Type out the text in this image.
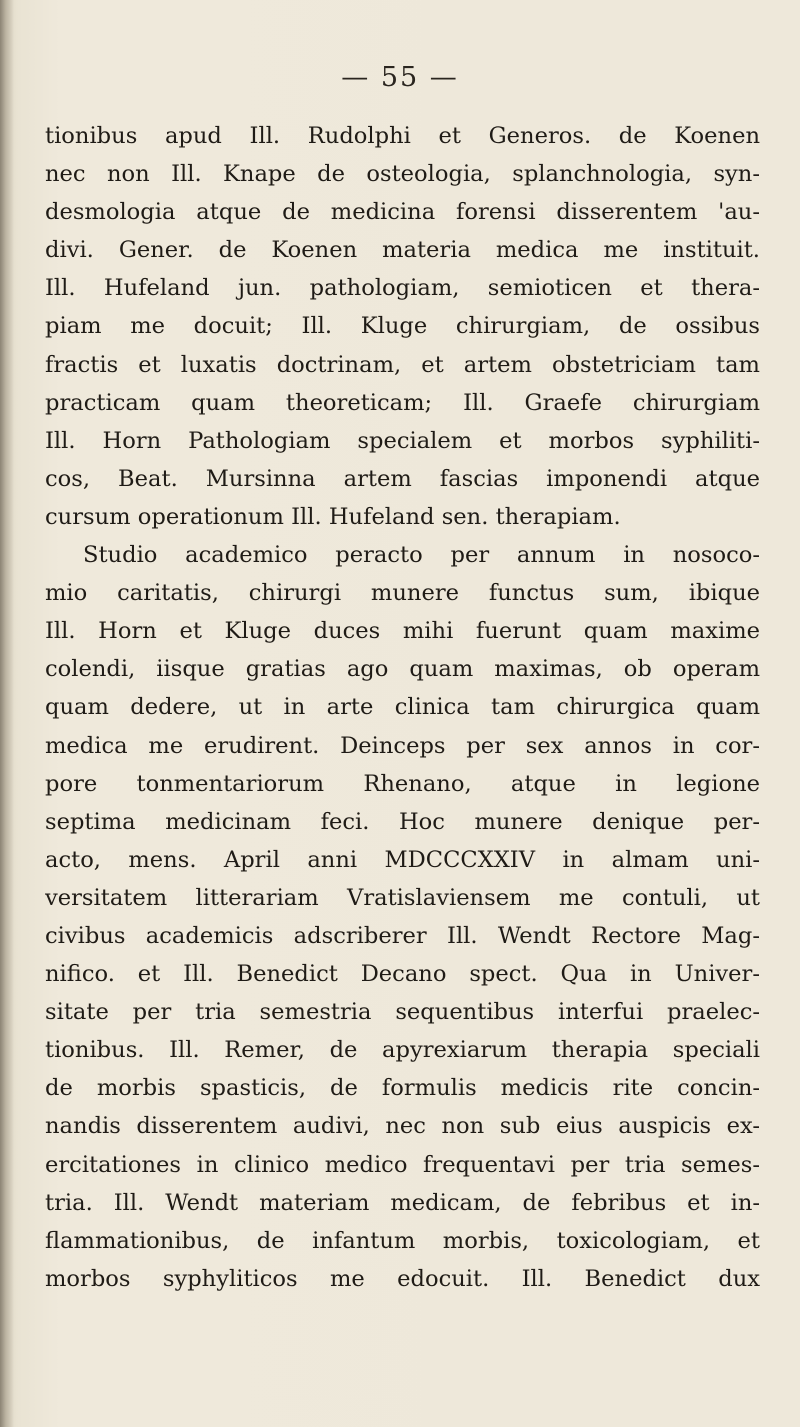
— 55 —
tionibus apud Ill. Rudolphi et Generos. de Koenen
nec non Ill. Knape de osteologia, splanchnologia, syn-
desmologia atque de medicina forensi disserentem 'au-
divi. Gener. de Koenen materia medica me instituit.
Ill. Hufeland jun. pathologiam, semioticen et thera-
piam me docuit; Ill. Kluge chirurgiam, de ossibus
fractis et luxatis doctrinam, et artem obstetriciam tam
practicam quam theoreticam; Ill. Graefe chirurgiam
Ill. Horn Pathologiam specialem et morbos syphiliti-
cos, Beat. Mursinna artem fascias imponendi atque
cursum operationum Ill. Hufeland sen. therapiam.
Studio academico peracto per annum in nosoco-
mio caritatis, chirurgi munere functus sum, ibique
Ill. Horn et Kluge duces mihi fuerunt quam maxime
colendi, iisque gratias ago quam maximas, ob operam
quam dedere, ut in arte clinica tam chirurgica quam
medica me erudirent. Deinceps per sex annos in cor-
pore tonmentariorum Rhenano, atque in legione
septima medicinam feci. Hoc munere denique per-
acto, mens. April anni MDCCCXXIV in almam uni-
versitatem litterariam Vratislaviensem me contuli, ut
civibus academicis adscriberer Ill. Wendt Rectore Mag-
nifico. et Ill. Benedict Decano spect. Qua in Univer-
sitate per tria semestria sequentibus interfui praelec-
tionibus. Ill. Remer, de apyrexiarum therapia speciali
de morbis spasticis, de formulis medicis rite concin-
nandis disserentem audivi, nec non sub eius auspicis ex-
ercitationes in clinico medico frequentavi per tria semes-
tria. Ill. Wendt materiam medicam, de febribus et in-
flammationibus, de infantum morbis, toxicologiam, et
morbos syphyliticos me edocuit. Ill. Benedict dux
